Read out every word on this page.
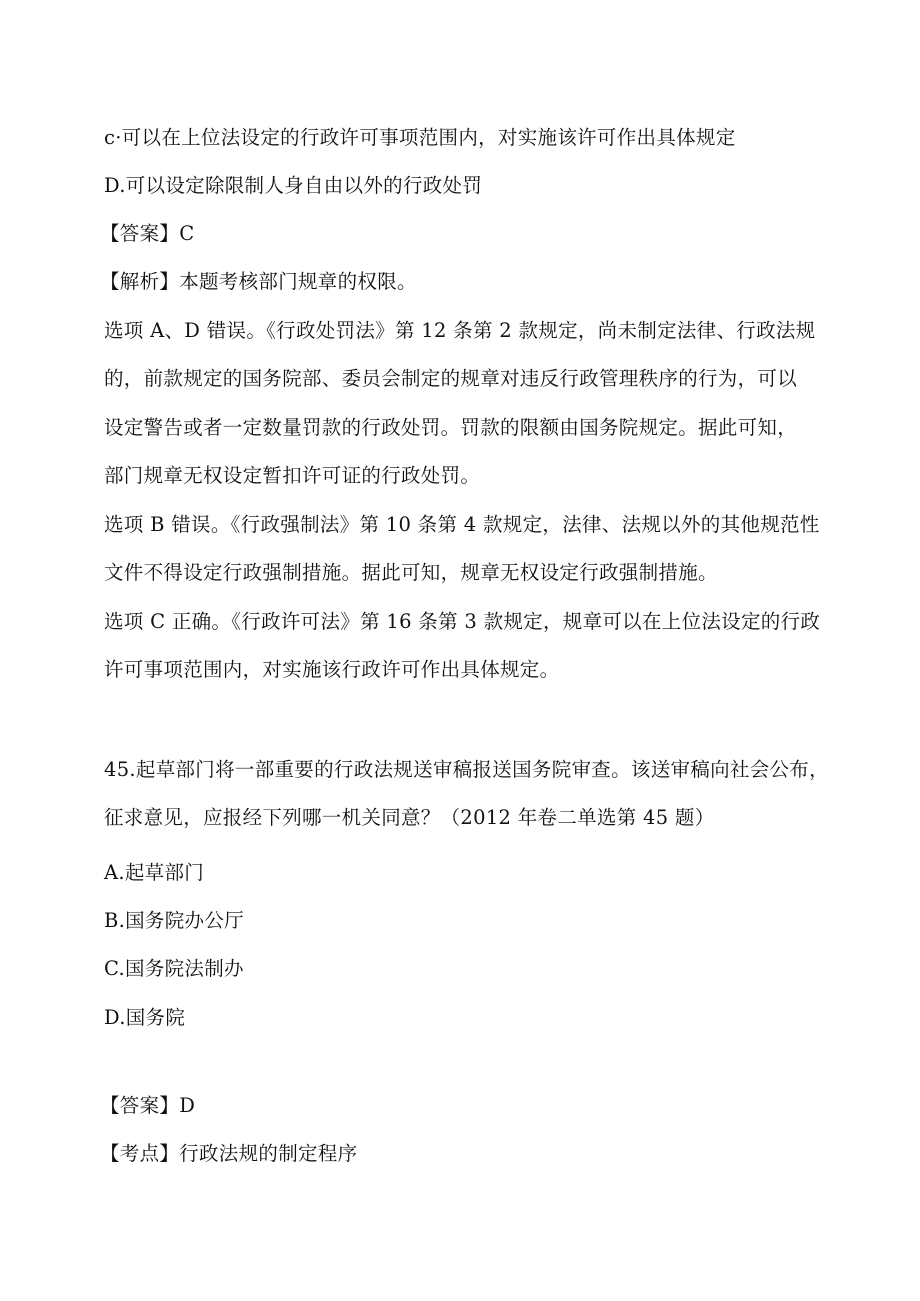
c·可以在上位法设定的行政许可事项范围内，对实施该许可作出具体规定
D.可以设定除限制人身自由以外的行政处罚
【答案】C
【解析】本题考核部门规章的权限。
选项 A、D 错误。《行政处罚法》第 12 条第 2 款规定，尚未制定法律、行政法规
的，前款规定的国务院部、委员会制定的规章对违反行政管理秩序的行为，可以
设定警告或者一定数量罚款的行政处罚。罚款的限额由国务院规定。据此可知，
部门规章无权设定暂扣许可证的行政处罚。
选项 B 错误。《行政强制法》第 10 条第 4 款规定，法律、法规以外的其他规范性
文件不得设定行政强制措施。据此可知，规章无权设定行政强制措施。
选项 C 正确。《行政许可法》第 16 条第 3 款规定，规章可以在上位法设定的行政
许可事项范围内，对实施该行政许可作出具体规定。
45.起草部门将一部重要的行政法规送审稿报送国务院审查。该送审稿向社会公布，
征求意见，应报经下列哪一机关同意？（2012 年卷二单选第 45 题）
A.起草部门
B.国务院办公厅
C.国务院法制办
D.国务院
【答案】D
【考点】行政法规的制定程序
